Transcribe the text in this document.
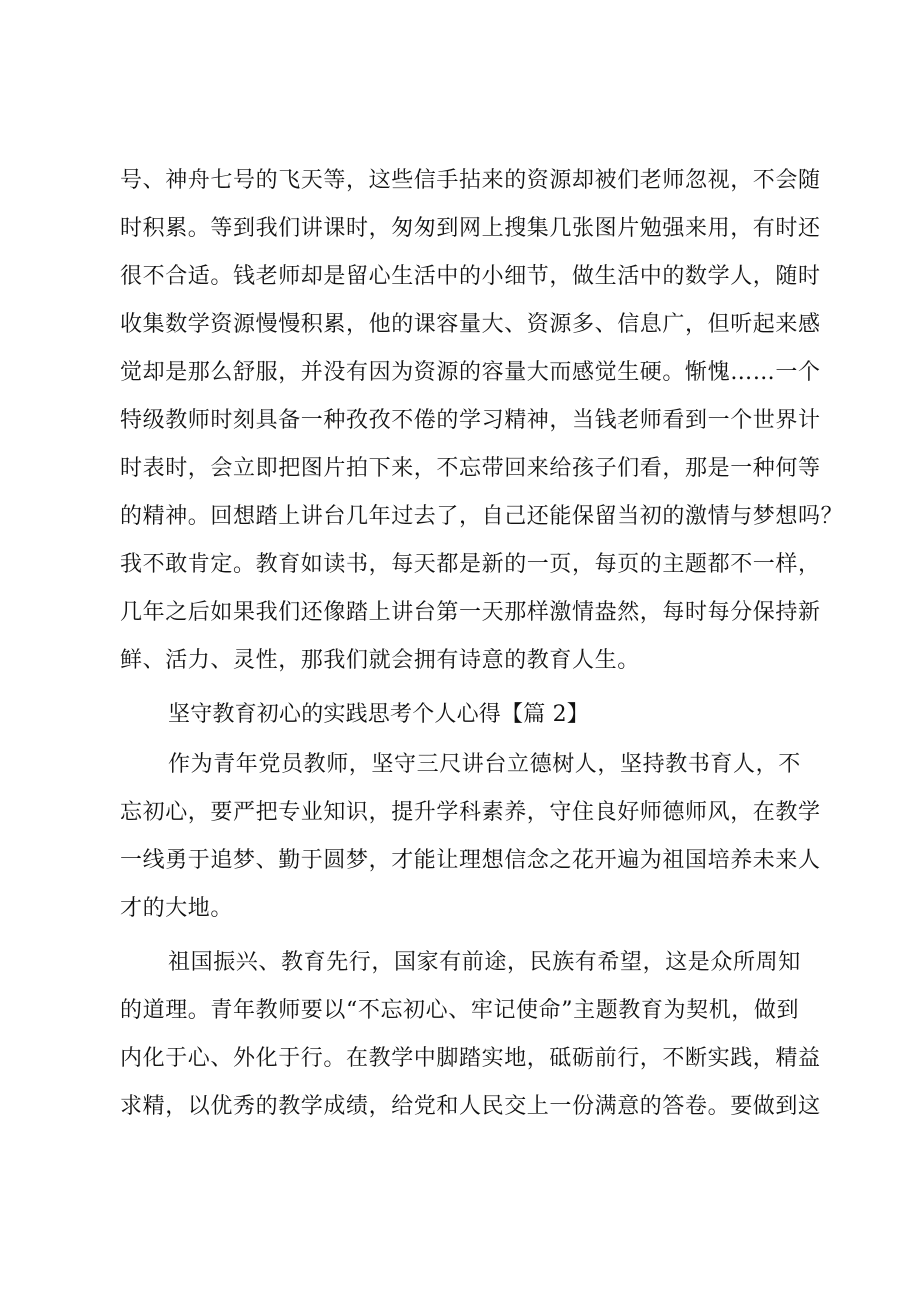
号、神舟七号的飞天等，这些信手拈来的资源却被们老师忽视，不会随
时积累。等到我们讲课时，匆匆到网上搜集几张图片勉强来用，有时还
很不合适。钱老师却是留心生活中的小细节，做生活中的数学人，随时
收集数学资源慢慢积累，他的课容量大、资源多、信息广，但听起来感
觉却是那么舒服，并没有因为资源的容量大而感觉生硬。惭愧……一个
特级教师时刻具备一种孜孜不倦的学习精神，当钱老师看到一个世界计
时表时，会立即把图片拍下来，不忘带回来给孩子们看，那是一种何等
的精神。回想踏上讲台几年过去了，自己还能保留当初的激情与梦想吗？
我不敢肯定。教育如读书，每天都是新的一页，每页的主题都不一样，
几年之后如果我们还像踏上讲台第一天那样激情盎然，每时每分保持新
鲜、活力、灵性，那我们就会拥有诗意的教育人生。
坚守教育初心的实践思考个人心得【篇 2】
作为青年党员教师，坚守三尺讲台立德树人，坚持教书育人，不
忘初心，要严把专业知识，提升学科素养，守住良好师德师风，在教学
一线勇于追梦、勤于圆梦，才能让理想信念之花开遍为祖国培养未来人
才的大地。
祖国振兴、教育先行，国家有前途，民族有希望，这是众所周知
的道理。青年教师要以“不忘初心、牢记使命”主题教育为契机，做到
内化于心、外化于行。在教学中脚踏实地，砥砺前行，不断实践，精益
求精，以优秀的教学成绩，给党和人民交上一份满意的答卷。要做到这
